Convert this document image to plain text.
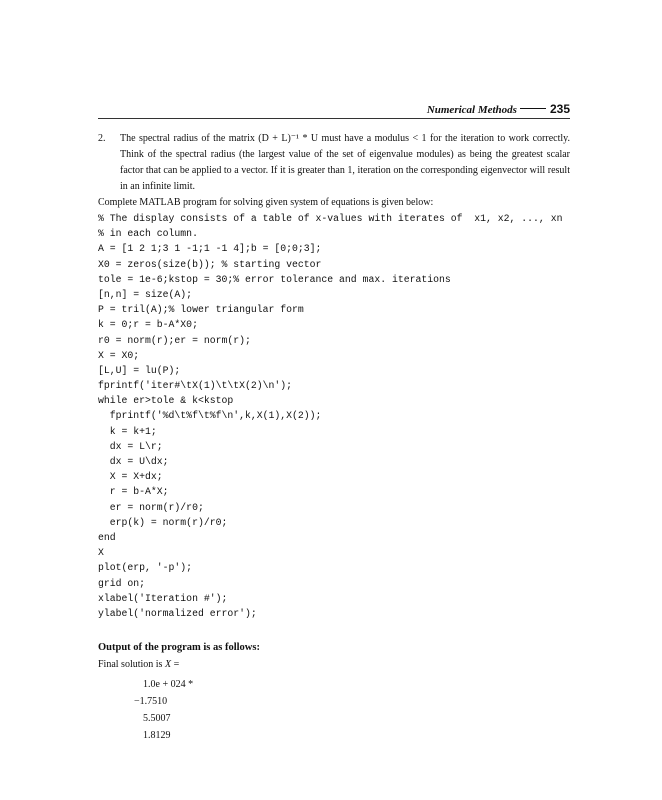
Numerical Methods	235
2. The spectral radius of the matrix (D + L)⁻¹ * U must have a modulus < 1 for the iteration to work correctly. Think of the spectral radius (the largest value of the set of eigenvalue modules) as being the greatest scalar factor that can be applied to a vector. If it is greater than 1, iteration on the corresponding eigenvector will result in an infinite limit.
Complete MATLAB program for solving given system of equations is given below:
% The display consists of a table of x-values with iterates of  x1, x2, ..., xn
% in each column.
A = [1 2 1;3 1 -1;1 -1 4];b = [0;0;3];
X0 = zeros(size(b)); % starting vector
tole = 1e-6;kstop = 30;% error tolerance and max. iterations
[n,n] = size(A);
P = tril(A);% lower triangular form
k = 0;r = b-A*X0;
r0 = norm(r);er = norm(r);
X = X0;
[L,U] = lu(P);
fprintf('iter#\tX(1)\t\tX(2)\n');
while er>tole & k<kstop
fprintf('%d\t%f\t%f\n',k,X(1),X(2));
k = k+1;
dx = L\r;
dx = U\dx;
X = X+dx;
r = b-A*X;
er = norm(r)/r0;
erp(k) = norm(r)/r0;
end
X
plot(erp, '-p');
grid on;
xlabel('Iteration #');
ylabel('normalized error');
Output of the program is as follows:
Final solution is X =
1.0e + 024 *
−1.7510
5.5007
1.8129
